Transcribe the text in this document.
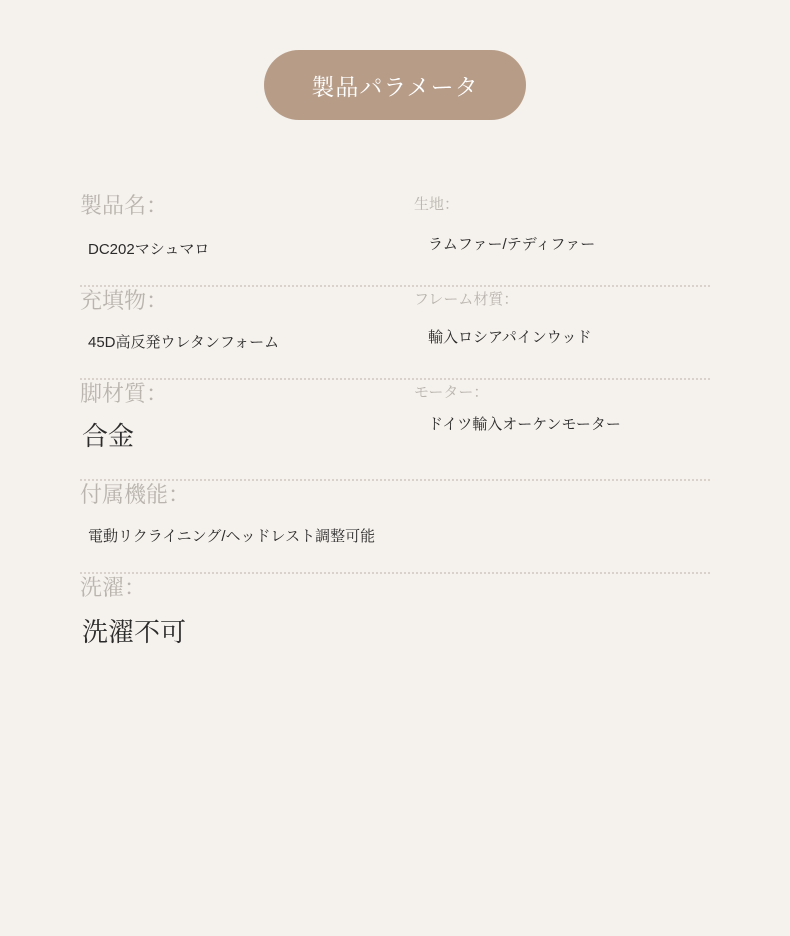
製品パラメータ

製品名：

DC202マシュマロ

生地：

ラムファー/テディファー

充填物：

45D高反発ウレタンフォーム

フレーム材質：

輸入ロシアパインウッド

脚材質：

合金

モーター：

ドイツ輸入オーケンモーター

付属機能：

電動リクライニング/ヘッドレスト調整可能

洗濯：

洗濯不可
